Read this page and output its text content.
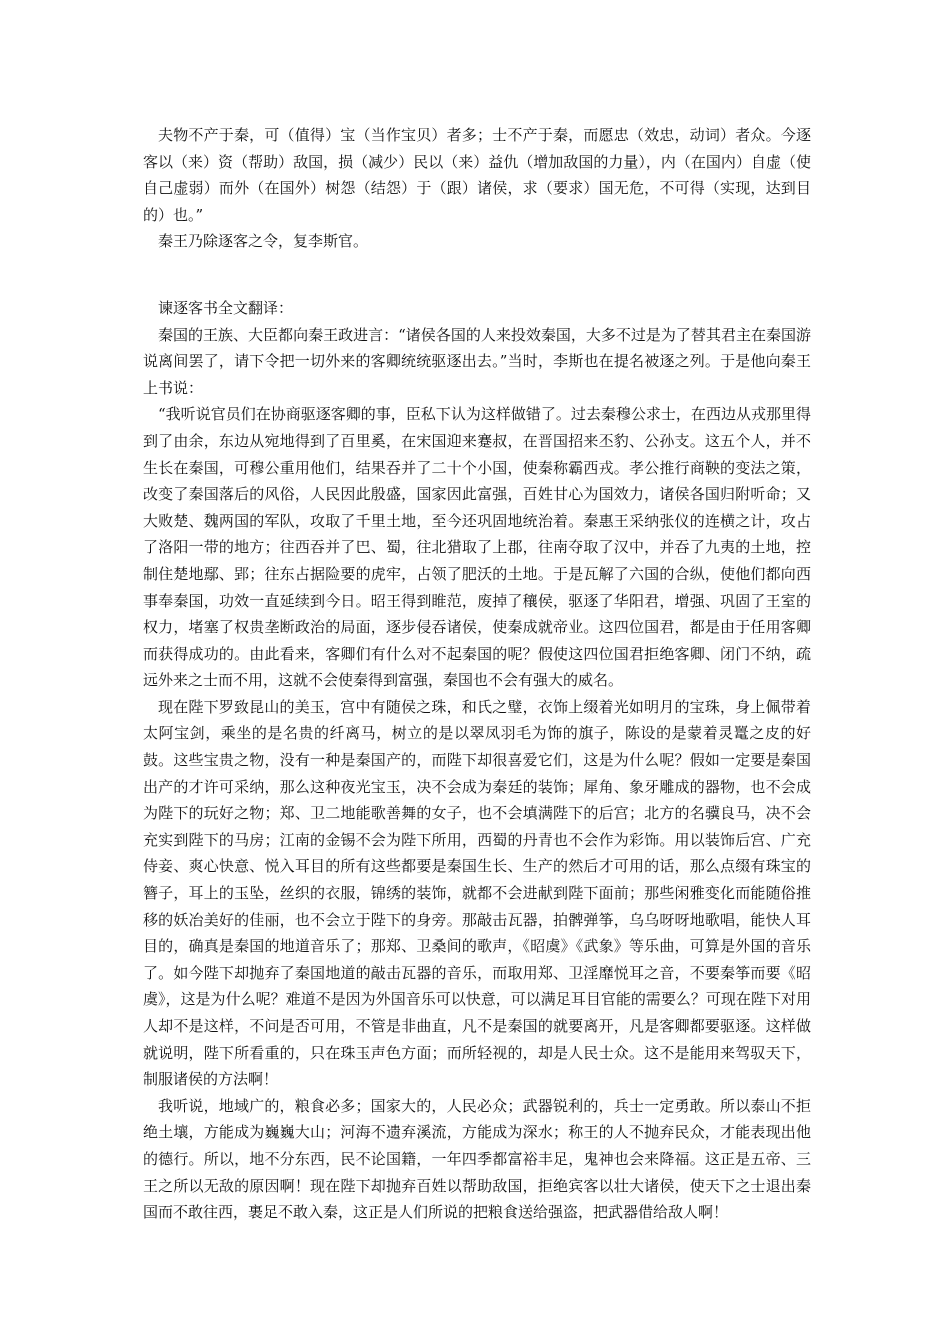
夫物不产于秦，可（值得）宝（当作宝贝）者多；士不产于秦，而愿忠（效忠，动词）者众。今逐客以（来）资（帮助）敌国，损（减少）民以（来）益仇（增加敌国的力量），内（在国内）自虚（使自己虚弱）而外（在国外）树怨（结怨）于（跟）诸侯，求（要求）国无危，不可得（实现，达到目的）也。”

秦王乃除逐客之令，复李斯官。

谏逐客书全文翻译：

秦国的王族、大臣都向秦王政进言：“诸侯各国的人来投效秦国，大多不过是为了替其君主在秦国游说离间罢了，请下令把一切外来的客卿统统驱逐出去。”当时，李斯也在提名被逐之列。于是他向秦王上书说：

“我听说官员们在协商驱逐客卿的事，臣私下认为这样做错了。过去秦穆公求士，在西边从戎那里得到了由余，东边从宛地得到了百里奚，在宋国迎来蹇叔，在晋国招来丕豹、公孙支。这五个人，并不生长在秦国，可穆公重用他们，结果吞并了二十个小国，使秦称霸西戎。孝公推行商鞅的变法之策，改变了秦国落后的风俗，人民因此殷盛，国家因此富强，百姓甘心为国效力，诸侯各国归附听命；又大败楚、魏两国的军队，攻取了千里土地，至今还巩固地统治着。秦惠王采纳张仪的连横之计，攻占了洛阳一带的地方；往西吞并了巴、蜀，往北猎取了上郡，往南夺取了汉中，并吞了九夷的土地，控制住楚地鄢、郢；往东占据险要的虎牢，占领了肥沃的土地。于是瓦解了六国的合纵，使他们都向西事奉秦国，功效一直延续到今日。昭王得到睢范，废掉了穰侯，驱逐了华阳君，增强、巩固了王室的权力，堵塞了权贵垄断政治的局面，逐步侵吞诸侯，使秦成就帝业。这四位国君，都是由于任用客卿而获得成功的。由此看来，客卿们有什么对不起秦国的呢？假使这四位国君拒绝客卿、闭门不纳，疏远外来之士而不用，这就不会使秦得到富强，秦国也不会有强大的威名。

现在陛下罗致昆山的美玉，宫中有随侯之珠，和氏之璧，衣饰上缀着光如明月的宝珠，身上佩带着太阿宝剑，乘坐的是名贵的纤离马，树立的是以翠凤羽毛为饰的旗子，陈设的是蒙着灵鼍之皮的好鼓。这些宝贵之物，没有一种是秦国产的，而陛下却很喜爱它们，这是为什么呢？假如一定要是秦国出产的才许可采纳，那么这种夜光宝玉，决不会成为秦廷的装饰；犀角、象牙雕成的器物，也不会成为陛下的玩好之物；郑、卫二地能歌善舞的女子，也不会填满陛下的后宫；北方的名骥良马，决不会充实到陛下的马房；江南的金锡不会为陛下所用，西蜀的丹青也不会作为彩饰。用以装饰后宫、广充侍妾、爽心快意、悦入耳目的所有这些都要是秦国生长、生产的然后才可用的话，那么点缀有珠宝的簪子，耳上的玉坠，丝织的衣服，锦绣的装饰，就都不会进献到陛下面前；那些闲雅变化而能随俗推移的妖冶美好的佳丽，也不会立于陛下的身旁。那敲击瓦器，拍髀弹筝，乌乌呀呀地歌唱，能快人耳目的，确真是秦国的地道音乐了；那郑、卫桑间的歌声，《昭虞》《武象》等乐曲，可算是外国的音乐了。如今陛下却抛弃了秦国地道的敲击瓦器的音乐，而取用郑、卫淫靡悦耳之音，不要秦筝而要《昭虞》，这是为什么呢？难道不是因为外国音乐可以快意，可以满足耳目官能的需要么？可现在陛下对用人却不是这样，不问是否可用，不管是非曲直，凡不是秦国的就要离开，凡是客卿都要驱逐。这样做就说明，陛下所看重的，只在珠玉声色方面；而所轻视的，却是人民士众。这不是能用来驾驭天下，制服诸侯的方法啊！

我听说，地域广的，粮食必多；国家大的，人民必众；武器锐利的，兵士一定勇敢。所以泰山不拒绝土壤，方能成为巍巍大山；河海不遗弃溪流，方能成为深水；称王的人不抛弃民众，才能表现出他的德行。所以，地不分东西，民不论国籍，一年四季都富裕丰足，鬼神也会来降福。这正是五帝、三王之所以无敌的原因啊！现在陛下却抛弃百姓以帮助敌国，拒绝宾客以壮大诸侯，使天下之士退出秦国而不敢往西，裹足不敢入秦，这正是人们所说的把粮食送给强盗，把武器借给敌人啊！
